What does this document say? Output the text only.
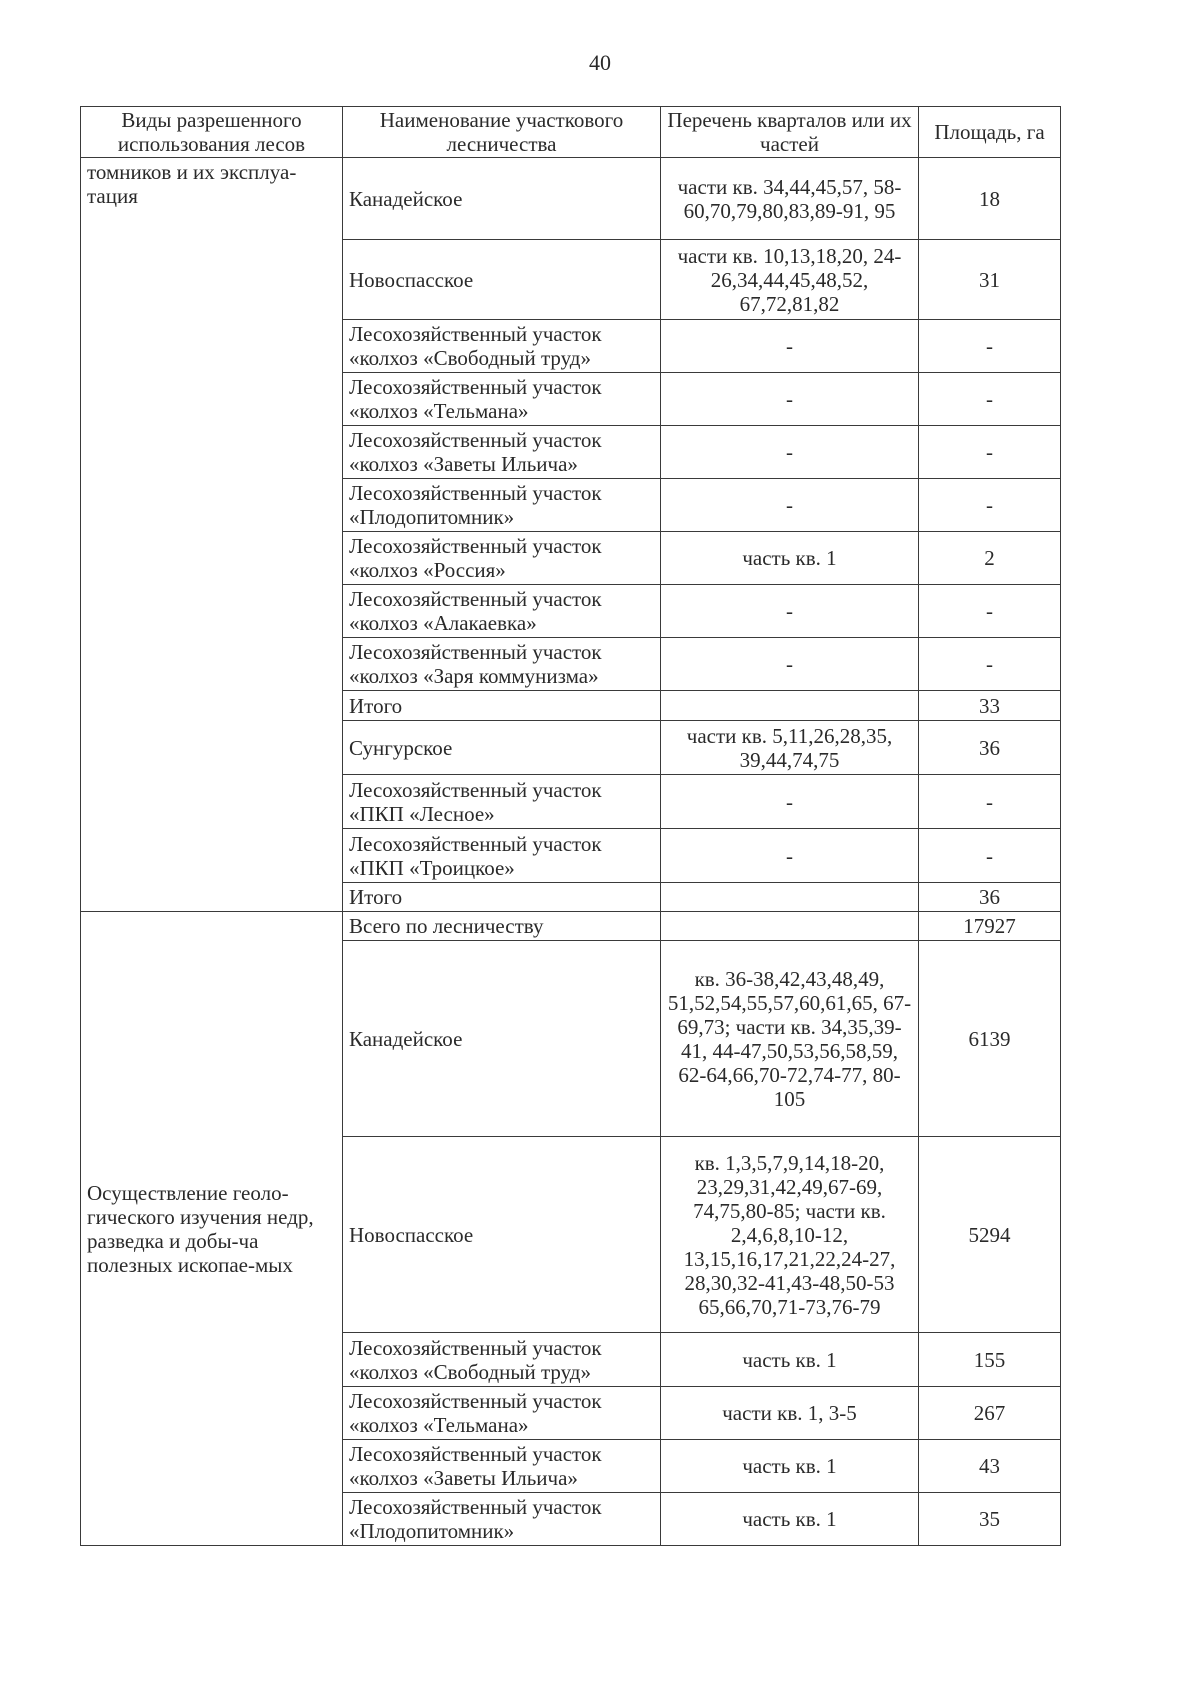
40
Виды разрешенного использования лесов	Наименование участкового лесничества	Перечень кварталов или их частей	Площадь, га
томников и их эксплуа-тация	Канадейское	части кв. 34,44,45,57, 58-60,70,79,80,83,89-91, 95	18
	Новоспасское	части кв. 10,13,18,20, 24-26,34,44,45,48,52, 67,72,81,82	31
	Лесохозяйственный участок «колхоз «Свободный труд»	-	-
	Лесохозяйственный участок «колхоз «Тельмана»	-	-
	Лесохозяйственный участок «колхоз «Заветы Ильича»	-	-
	Лесохозяйственный участок «Плодопитомник»	-	-
	Лесохозяйственный участок «колхоз «Россия»	часть кв. 1	2
	Лесохозяйственный участок «колхоз «Алакаевка»	-	-
	Лесохозяйственный участок «колхоз «Заря коммунизма»	-	-
	Итого		33
	Сунгурское	части кв. 5,11,26,28,35, 39,44,74,75	36
	Лесохозяйственный участок «ПКП «Лесное»	-	-
	Лесохозяйственный участок «ПКП «Троицкое»	-	-
	Итого		36
Осуществление геоло-гического изучения недр, разведка и добы-ча полезных ископае-мых	Всего по лесничеству		17927
	Канадейское	кв. 36-38,42,43,48,49, 51,52,54,55,57,60,61,65, 67-69,73; части кв. 34,35,39-41, 44-47,50,53,56,58,59, 62-64,66,70-72,74-77, 80-105	6139
	Новоспасское	кв. 1,3,5,7,9,14,18-20, 23,29,31,42,49,67-69, 74,75,80-85; части кв. 2,4,6,8,10-12, 13,15,16,17,21,22,24-27, 28,30,32-41,43-48,50-53 65,66,70,71-73,76-79	5294
	Лесохозяйственный участок «колхоз «Свободный труд»	часть кв. 1	155
	Лесохозяйственный участок «колхоз «Тельмана»	части кв. 1, 3-5	267
	Лесохозяйственный участок «колхоз «Заветы Ильича»	часть кв. 1	43
	Лесохозяйственный участок «Плодопитомник»	часть кв. 1	35
